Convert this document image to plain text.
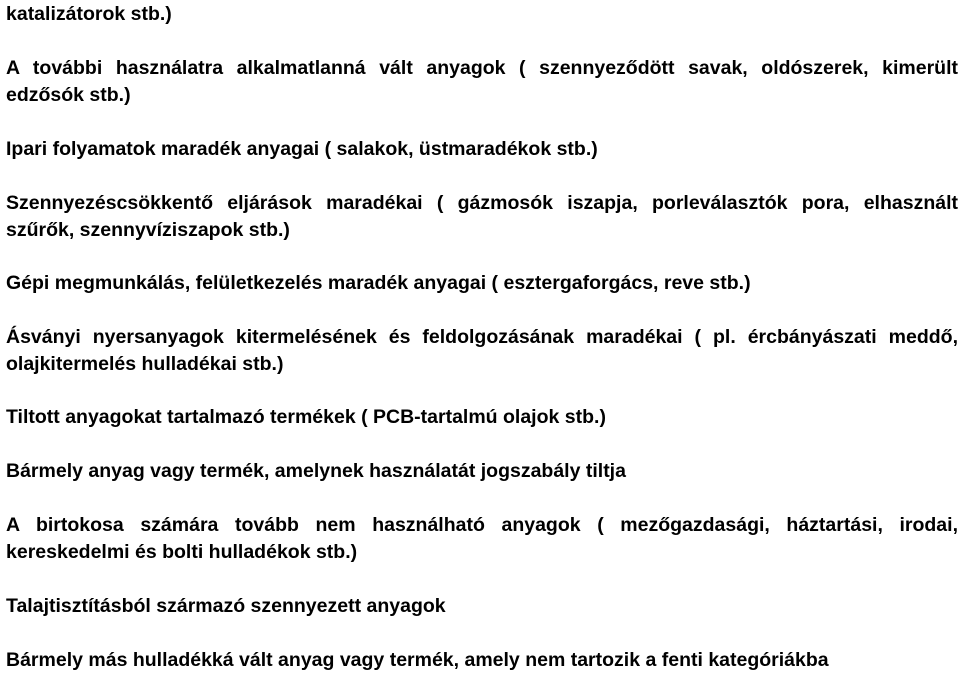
katalizátorok stb.)

A további használatra alkalmatlanná vált anyagok ( szennyeződött savak, oldószerek, kimerült edzősók stb.)

Ipari folyamatok maradék anyagai ( salakok, üstmaradékok stb.)

Szennyezéscsökkentő eljárások maradékai ( gázmosók iszapja, porleválasztók pora, elhasznált szűrők, szennyvíziszapok stb.)

Gépi megmunkálás, felületkezelés maradék anyagai ( esztergaforgács, reve stb.)

Ásványi nyersanyagok kitermelésének és feldolgozásának maradékai ( pl. ércbányászati meddő, olajkitermelés hulladékai stb.)

Tiltott anyagokat tartalmazó termékek ( PCB-tartalmú olajok stb.)

Bármely anyag vagy termék, amelynek használatát jogszabály tiltja

A birtokosa számára tovább nem használható anyagok ( mezőgazdasági, háztartási, irodai, kereskedelmi és bolti hulladékok stb.)

Talajtisztításból származó szennyezett anyagok

Bármely más hulladékká vált anyag vagy termék, amely nem tartozik a fenti kategóriákba
